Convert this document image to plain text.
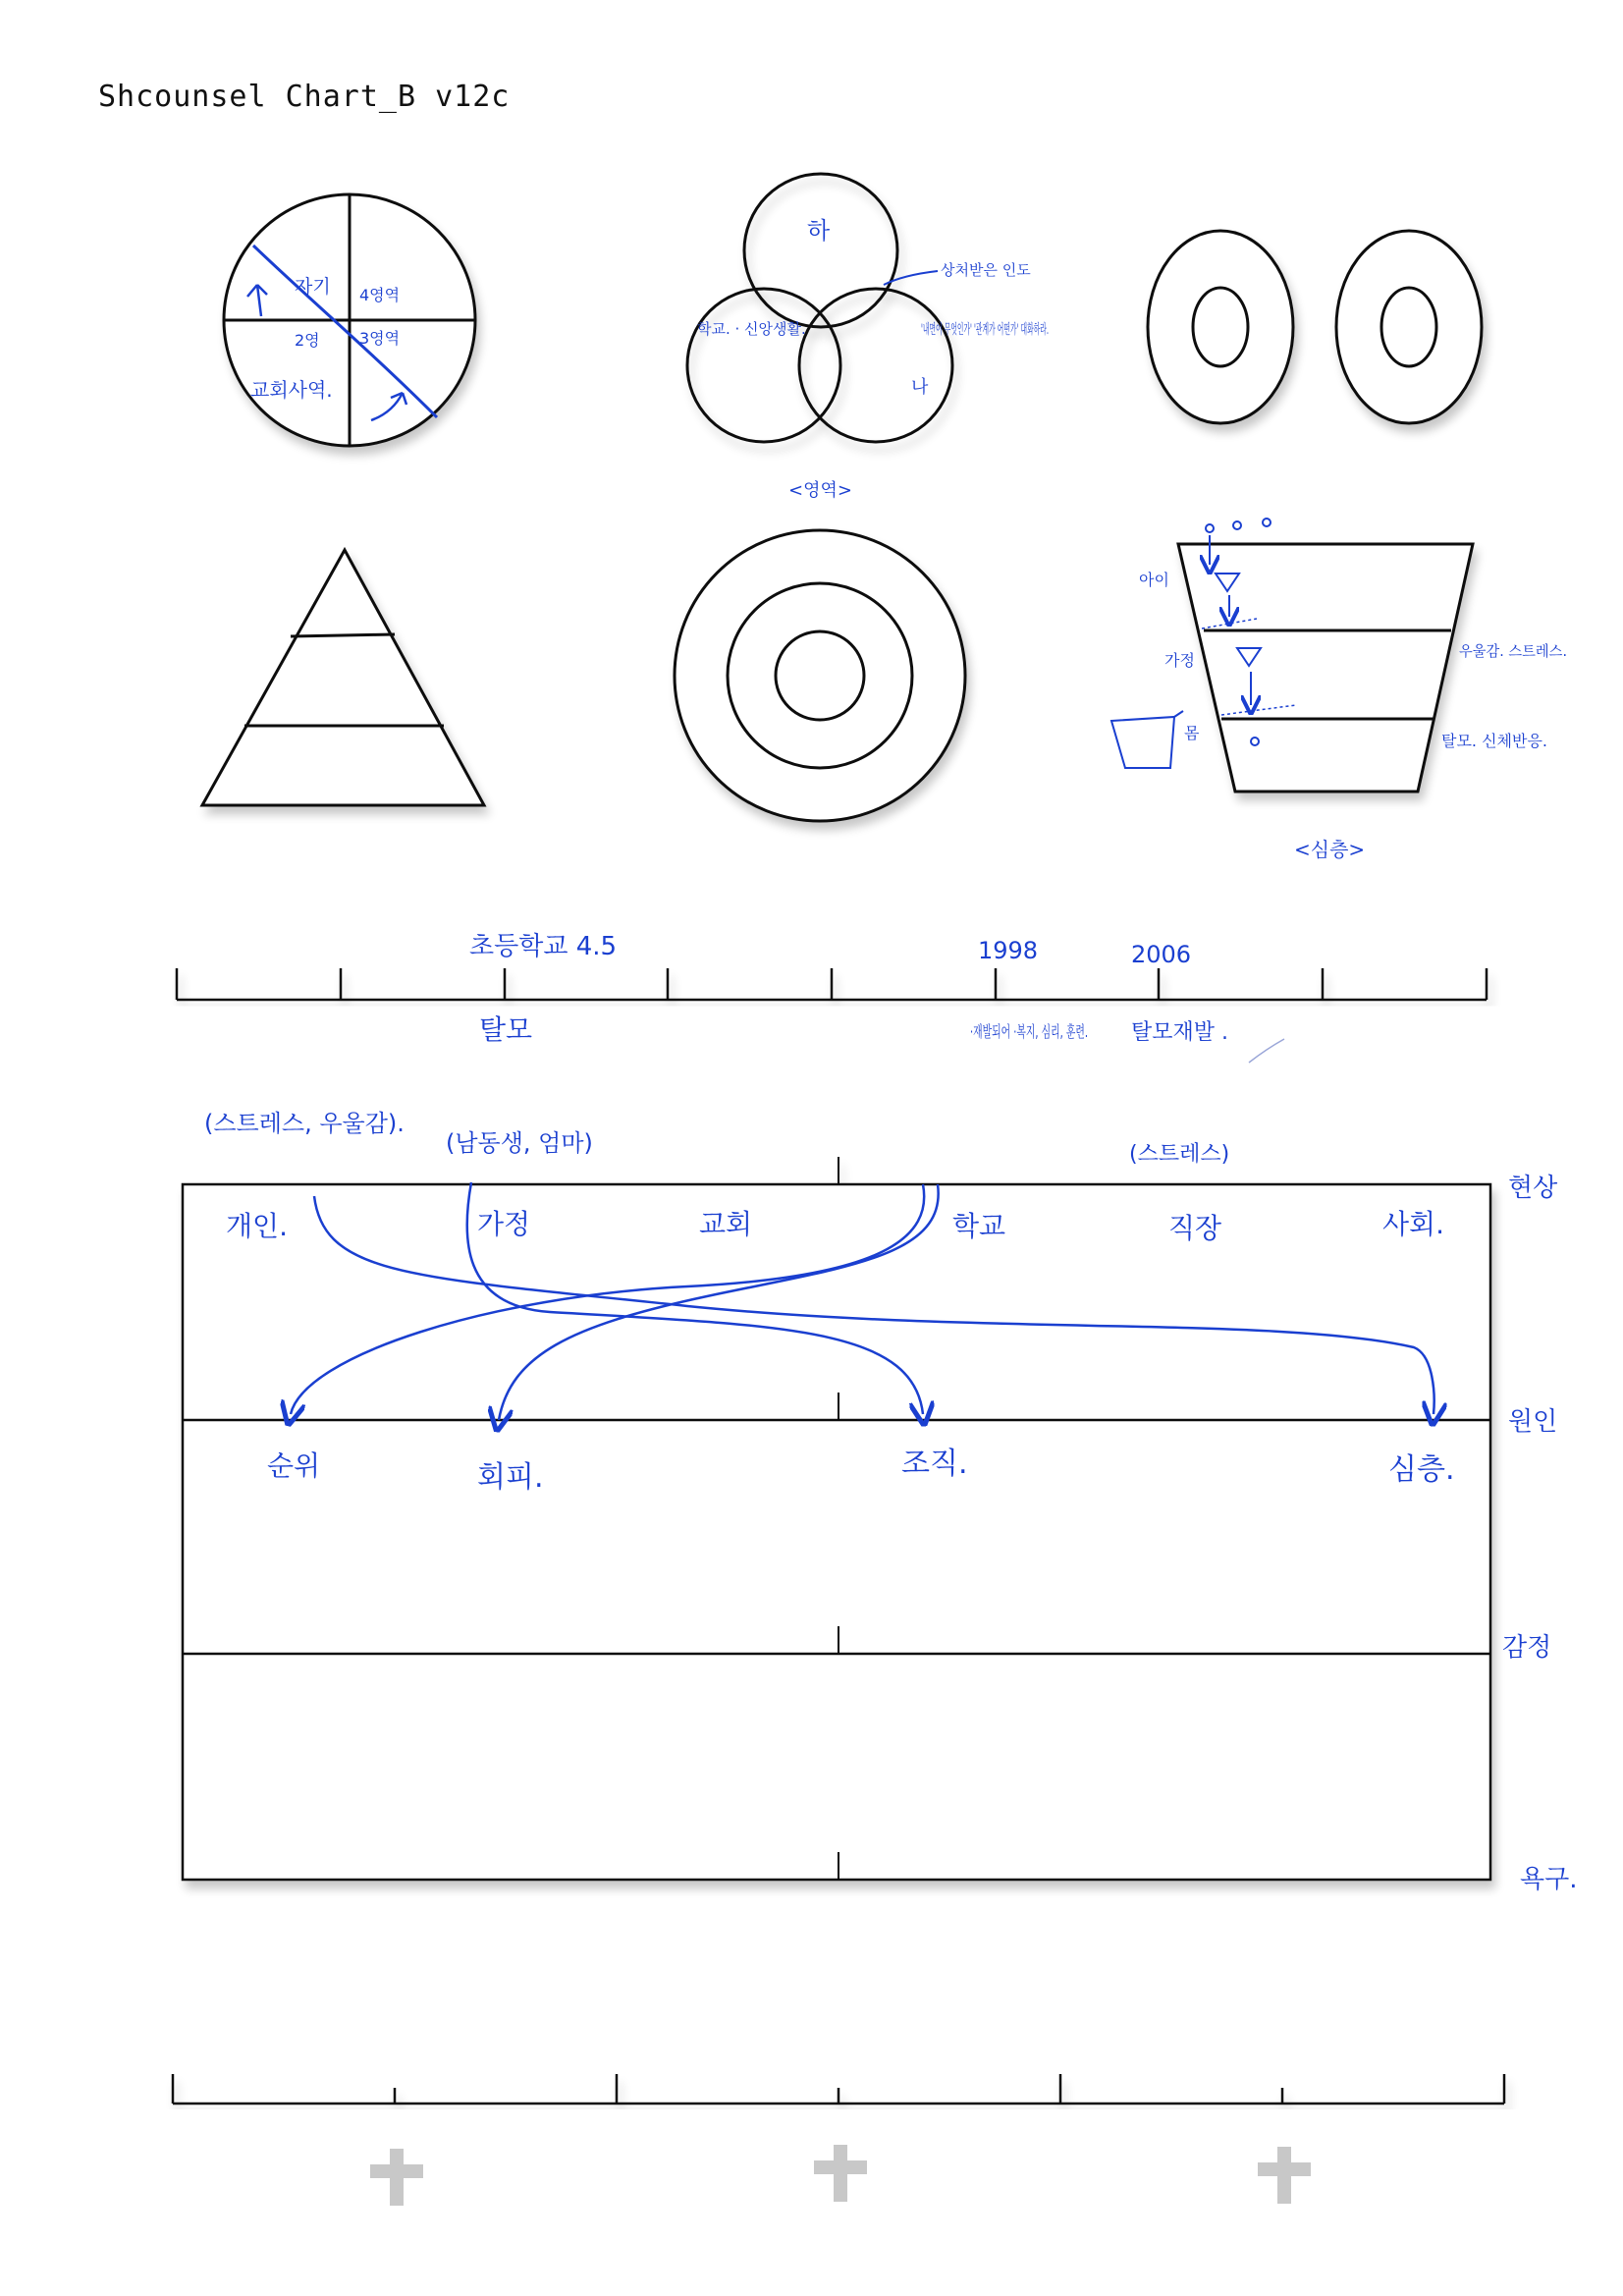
Shcounsel Chart_B v12c
자기 4영역
2영	3영역
교회사역.
하
학교. · 신앙생활.
상처받은 인도
'내면이 무엇인가' '관계가 어떤가' 대화하라.
나
<영역>
아이
가정
몸
우울감. 스트레스.
탈모. 신체반응.
<심층>
초등학교 4.5	1998	2006
탈모	·재발되어 ·복지, 심리, 훈련. 탈모재발 .
(스트레스, 우울감).
(남동생, 엄마)	(스트레스)
현상
원인
감정
욕구.
개인.	가정	교회	학교	직장	사회.
순위	회피.	조직.	심층.
